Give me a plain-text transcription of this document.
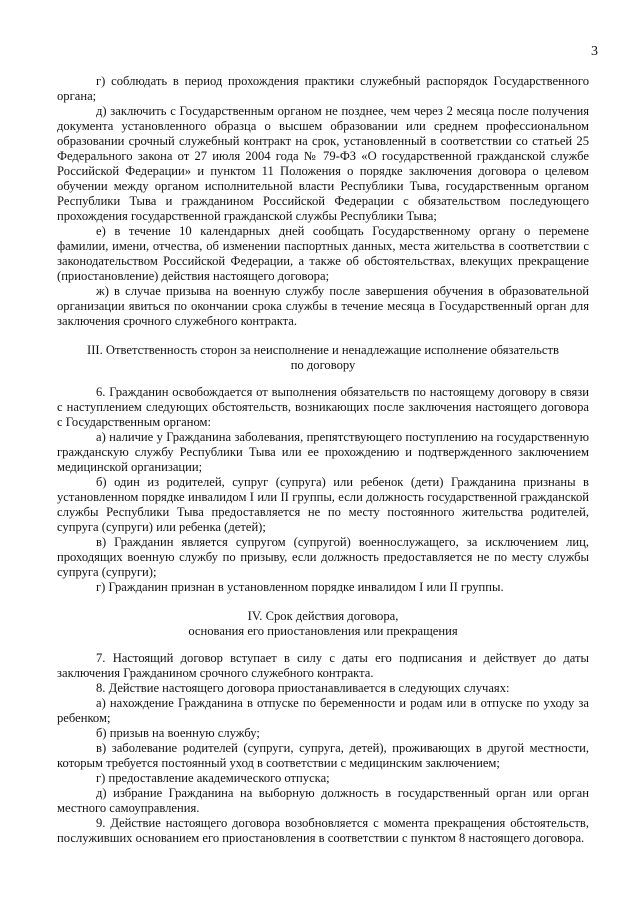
3

г) соблюдать в период прохождения практики служебный распорядок Государственного органа;

д) заключить с Государственным органом не позднее, чем через 2 месяца после получения документа установленного образца о высшем образовании или среднем профессиональном образовании срочный служебный контракт на срок, установленный в соответствии со статьей 25 Федерального закона от 27 июля 2004 года № 79-ФЗ «О государственной гражданской службе Российской Федерации» и пунктом 11 Положения о порядке заключения договора о целевом обучении между органом исполнительной власти Республики Тыва, государственным органом Республики Тыва и гражданином Российской Федерации с обязательством последующего прохождения государственной гражданской службы Республики Тыва;

е) в течение 10 календарных дней сообщать Государственному органу о перемене фамилии, имени, отчества, об изменении паспортных данных, места жительства в соответствии с законодательством Российской Федерации, а также об обстоятельствах, влекущих прекращение (приостановление) действия настоящего договора;

ж) в случае призыва на военную службу после завершения обучения в образовательной организации явиться по окончании срока службы в течение месяца в Государственный орган для заключения срочного служебного контракта.

III. Ответственность сторон за неисполнение и ненадлежащие исполнение обязательств
по договору

6. Гражданин освобождается от выполнения обязательств по настоящему договору в связи с наступлением следующих обстоятельств, возникающих после заключения настоящего договора с Государственным органом:

а) наличие у Гражданина заболевания, препятствующего поступлению на государственную гражданскую службу Республики Тыва или ее прохождению и подтвержденного заключением медицинской организации;

б) один из родителей, супруг (супруга) или ребенок (дети) Гражданина признаны в установленном порядке инвалидом I или II группы, если должность государственной гражданской службы Республики Тыва предоставляется не по месту постоянного жительства родителей, супруга (супруги) или ребенка (детей);

в) Гражданин является супругом (супругой) военнослужащего, за исключением лиц, проходящих военную службу по призыву, если должность предоставляется не по месту службы супруга (супруги);

г) Гражданин признан в установленном порядке инвалидом I или II группы.

IV. Срок действия договора,
основания его приостановления или прекращения

7. Настоящий договор вступает в силу с даты его подписания и действует до даты заключения Гражданином срочного служебного контракта.

8. Действие настоящего договора приостанавливается в следующих случаях:

а) нахождение Гражданина в отпуске по беременности и родам или в отпуске по уходу за ребенком;

б) призыв на военную службу;

в) заболевание родителей (супруги, супруга, детей), проживающих в другой местности, которым требуется постоянный уход в соответствии с медицинским заключением;

г) предоставление академического отпуска;

д) избрание Гражданина на выборную должность в государственный орган или орган местного самоуправления.

9. Действие настоящего договора возобновляется с момента прекращения обстоятельств, послуживших основанием его приостановления в соответствии с пунктом 8 настоящего договора.
